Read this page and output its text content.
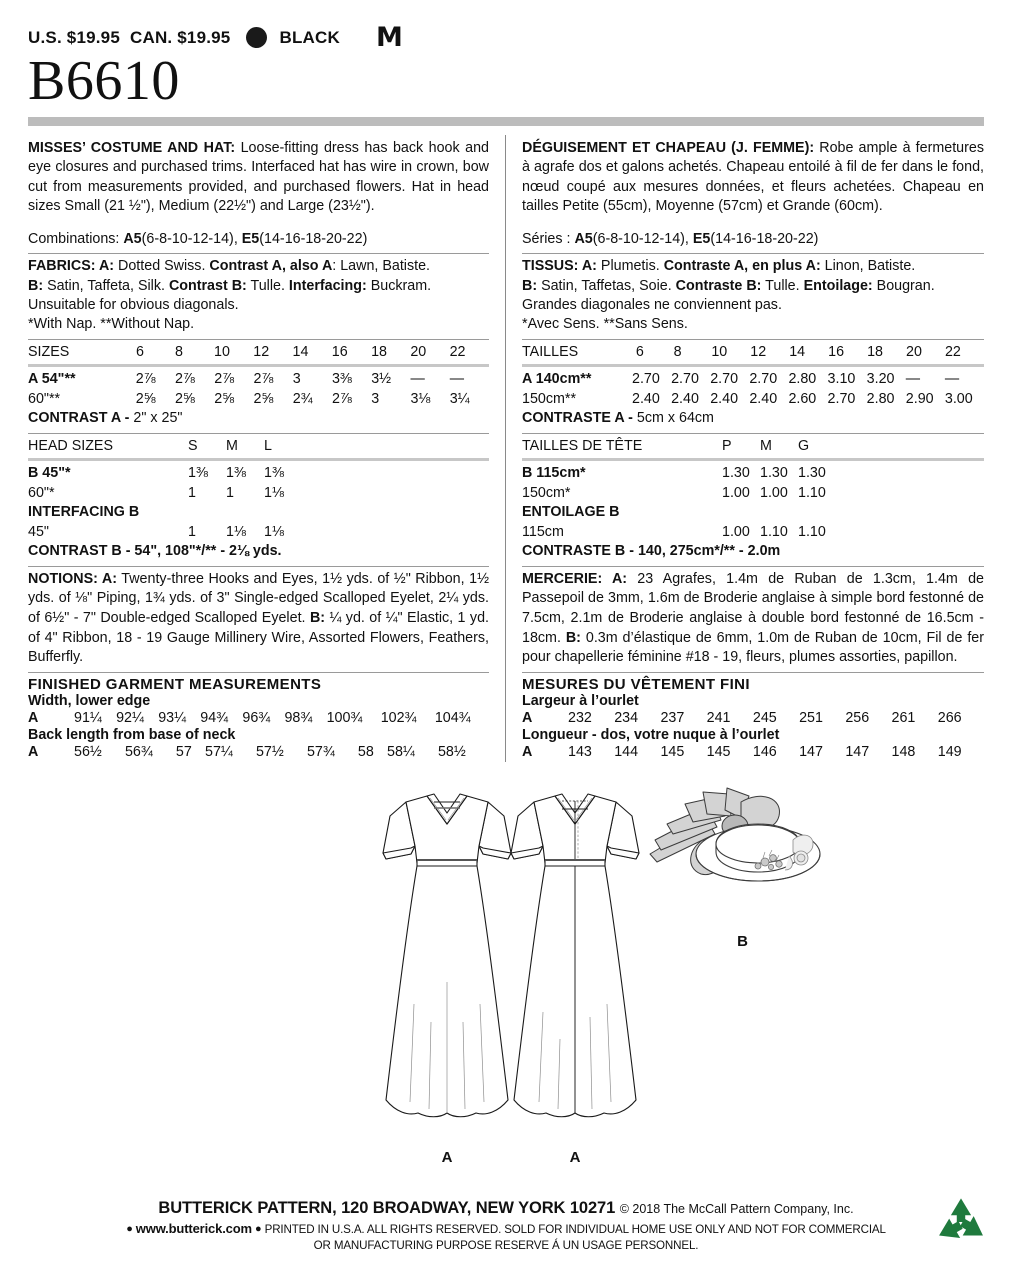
U.S. $19.95 CAN. $19.95	BLACK M
B6610

MISSES’ COSTUME AND HAT: Loose-fitting dress has back hook and eye closures and purchased trims. Interfaced hat has wire in crown, bow cut from measurements provided, and purchased flowers. Hat in head sizes Small (21 ½"), Medium (22½") and Large (23½").

Combinations: A5(6-8-10-12-14), E5(14-16-18-20-22)
FABRICS: A: Dotted Swiss. Contrast A, also A: Lawn, Batiste.
B: Satin, Taffeta, Silk. Contrast B: Tulle. Interfacing: Buckram.
Unsuitable for obvious diagonals.
*With Nap. **Without Nap.
SIZES	6	8	10	12	14	16	18	20	22
A 54"**	2⅞	2⅞	2⅞	2⅞	3	3⅜	3½	—	—
60"**	2⅝	2⅝	2⅝	2⅝	2¾	2⅞	3	3⅛	3¼
CONTRAST A - 2" x 25"
HEAD SIZES	S	M	L	
B 45"*	1⅜	1⅜	1⅜	
60"*	1	1	1⅛	
INTERFACING B				
45"	1	1⅛	1⅛	
CONTRAST B - 54", 108"*/** - 2⅛ yds.

NOTIONS: A: Twenty-three Hooks and Eyes, 1½ yds. of ½" Ribbon, 1½ yds. of ⅛" Piping, 1¾ yds. of 3" Single-edged Scalloped Eyelet, 2¼ yds. of 6½" - 7" Double-edged Scalloped Eyelet. B: ¼ yd. of ¼" Elastic, 1 yd. of 4" Ribbon, 18 - 19 Gauge Millinery Wire, Assorted Flowers, Feathers, Bufferfly.

FINISHED GARMENT MEASUREMENTS
Width, lower edge
A	91¼	92¼	93¼	94¾	96¾	98¾	100¾	102¾	104¾
Back length from base of neck
A	56½	56¾	57	57¼	57½	57¾	58	58¼	58½

DÉGUISEMENT ET CHAPEAU (J. FEMME): Robe ample à fermetures à agrafe dos et galons achetés. Chapeau entoilé à fil de fer dans le fond, nœud coupé aux mesures données, et fleurs achetées. Chapeau en tailles Petite (55cm), Moyenne (57cm) et Grande (60cm).

Séries : A5(6-8-10-12-14), E5(14-16-18-20-22)
TISSUS: A: Plumetis. Contraste A, en plus A: Linon, Batiste.
B: Satin, Taffetas, Soie. Contraste B: Tulle. Entoilage: Bougran.
Grandes diagonales ne conviennent pas.
*Avec Sens. **Sans Sens.
TAILLES	6	8	10	12	14	16	18	20	22
A 140cm**	2.70	2.70	2.70	2.70	2.80	3.10	3.20	—	—
150cm**	2.40	2.40	2.40	2.40	2.60	2.70	2.80	2.90	3.00
CONTRASTE A - 5cm x 64cm
TAILLES DE TÊTE	P	M	G	
B 115cm*	1.30	1.30	1.30	
150cm*	1.00	1.00	1.10	
ENTOILAGE B				
115cm	1.00	1.10	1.10	
CONTRASTE B - 140, 275cm*/** - 2.0m

MERCERIE: A: 23 Agrafes, 1.4m de Ruban de 1.3cm, 1.4m de Passepoil de 3mm, 1.6m de Broderie anglaise à simple bord festonné de 7.5cm, 2.1m de Broderie anglaise à double bord festonné de 16.5cm - 18cm. B: 0.3m d’élastique de 6mm, 1.0m de Ruban de 10cm, Fil de fer pour chapellerie féminine #18 - 19, fleurs, plumes assorties, papillon.

MESURES DU VÊTEMENT FINI
Largeur à l’ourlet
A	232	234	237	241	245	251	256	261	266
Longueur - dos, votre nuque à l’ourlet
A	143	144	145	145	146	147	147	148	149
A	A
B
BUTTERICK PATTERN, 120 BROADWAY, NEW YORK 10271 © 2018 The McCall Pattern Company, Inc.
● www.butterick.com ● PRINTED IN U.S.A. ALL RIGHTS RESERVED. SOLD FOR INDIVIDUAL HOME USE ONLY AND NOT FOR COMMERCIAL
OR MANUFACTURING PURPOSE RESERVE Á UN USAGE PERSONNEL.
